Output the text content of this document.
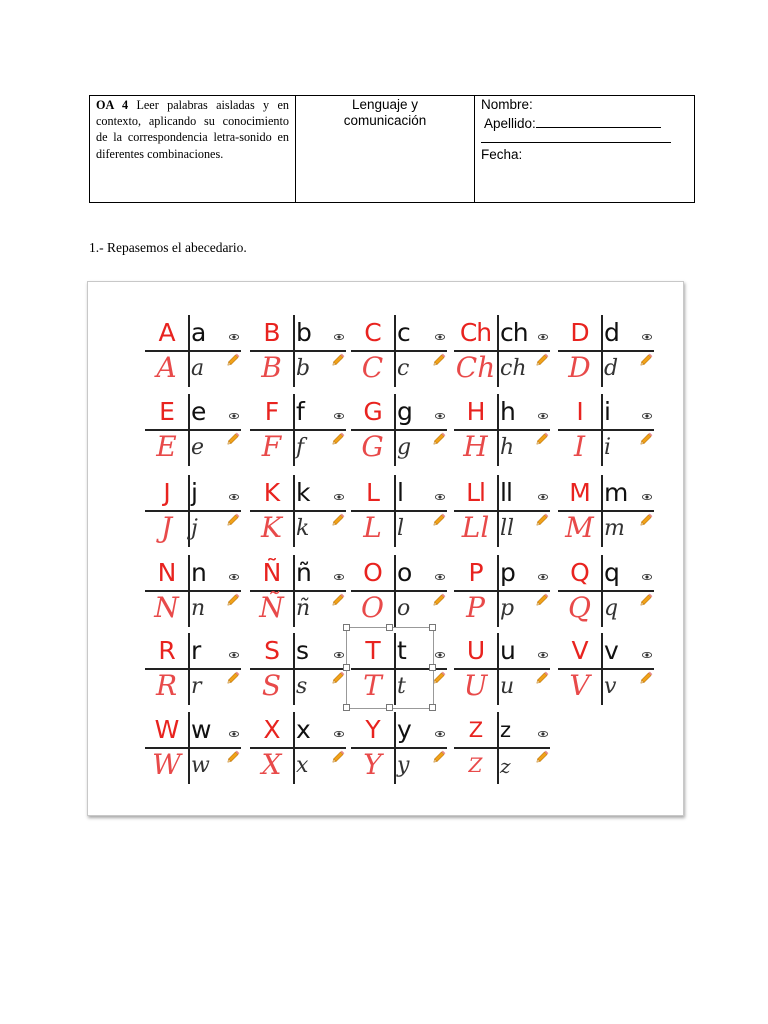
OA 4 Leer palabras aisladas y en contexto, aplicando su conocimiento de la correspondencia letra-sonido en diferentes combinaciones.	
Lenguaje y
comunicación

Nombre:
Apellido:
Fecha:
1.- Repasemos el abecedario.
A a
A a
B b
B b
C c
C c
Ch ch
Ch ch
D d
D d
E e
E e
F f
F f
G g
G g
H h
H h
I i
I i
J j
J j
K k
K k
L l
L l
Ll ll
Ll ll
M m
M m
N n
N n
Ñ ñ
Ñ ñ
O o
O o
P p
P p
Q q
Q q
R r
R r
S s
S s
T t
T t
U u
U u
V v
V v
W w
W w
X x
X x
Y y
Y y
Z z
Z z
